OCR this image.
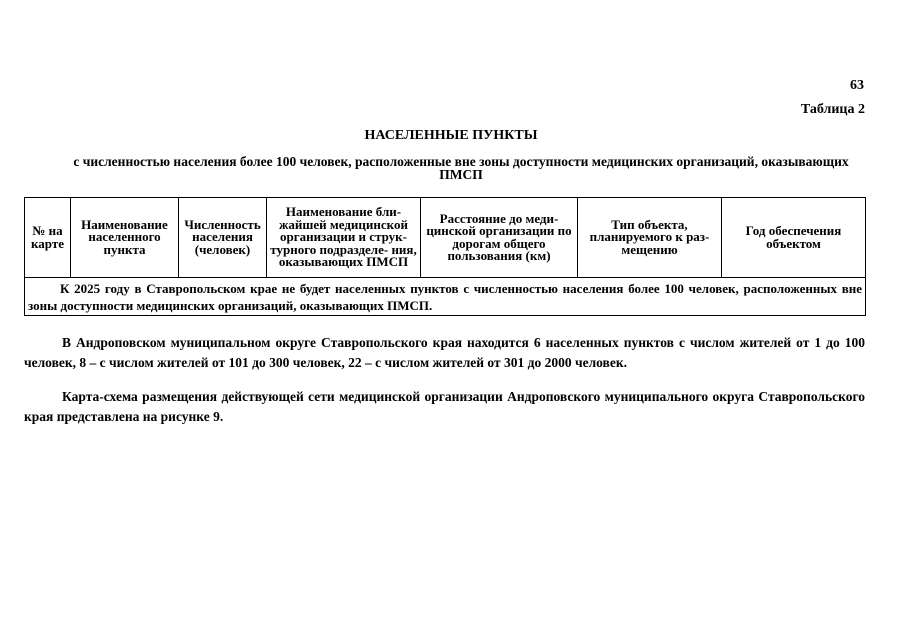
63
Таблица 2
НАСЕЛЕННЫЕ ПУНКТЫ
с численностью населения более 100 человек, расположенные вне зоны доступности медицинских организаций, оказывающих ПМСП
№ на карте	Наименование населенного пункта	Численность населения (человек)	Наименование бли- жайшей медицинской организации и струк- турного подразделе- ния, оказывающих ПМСП	Расстояние до меди- цинской организации по дорогам общего пользования (км)	Тип объекта, планируемого к раз- мещению	Год обеспечения объектом
К 2025 году в Ставропольском крае не будет населенных пунктов с численностью населения более 100 человек, расположенных вне зоны доступности медицинских организаций, оказывающих ПМСП.
В Андроповском муниципальном округе Ставропольского края находится 6 населенных пунктов с числом жителей от 1 до 100 человек, 8 – с числом жителей от 101 до 300 человек, 22 – с числом жителей от 301 до 2000 человек.
Карта-схема размещения действующей сети медицинской организации Андроповского муниципального округа Ставропольского края представлена на рисунке 9.
